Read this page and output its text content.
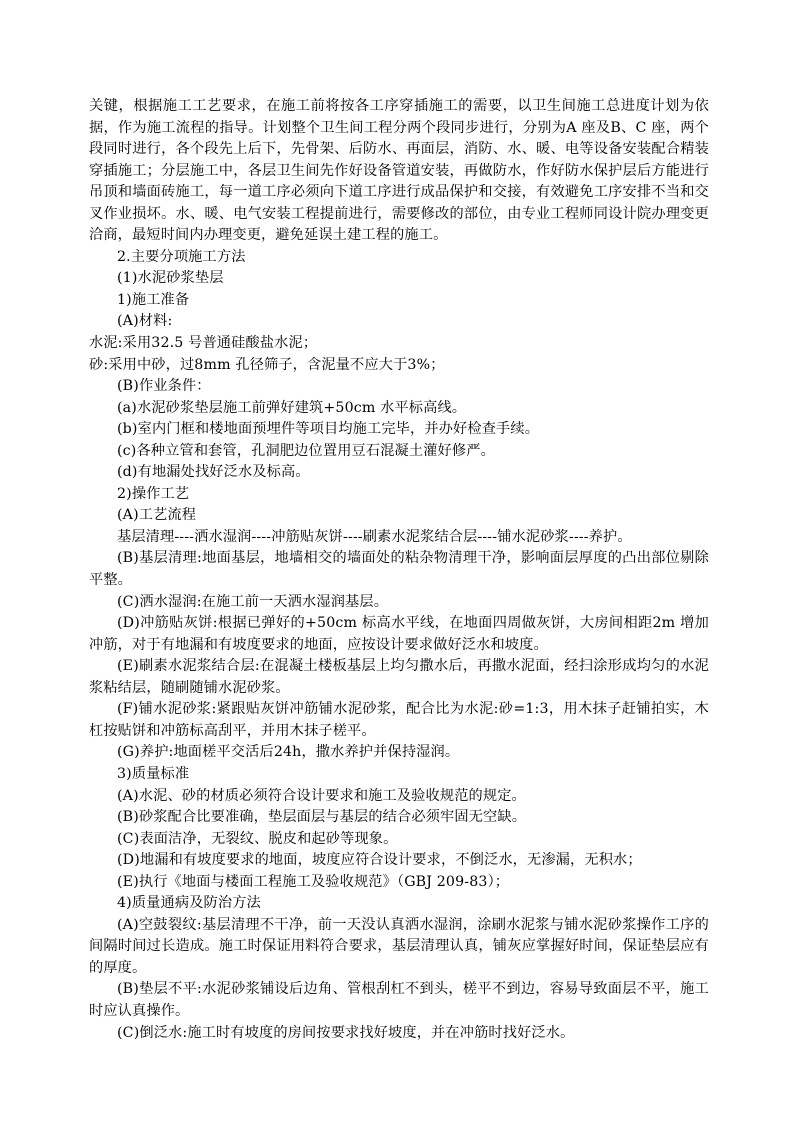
关键，根据施工工艺要求，在施工前将按各工序穿插施工的需要，以卫生间施工总进度计划为依据，作为施工流程的指导。计划整个卫生间工程分两个段同步进行，分别为A 座及B、C 座，两个段同时进行，各个段先上后下，先骨架、后防水、再面层，消防、水、暖、电等设备安装配合精装穿插施工；分层施工中，各层卫生间先作好设备管道安装，再做防水，作好防水保护层后方能进行吊顶和墙面砖施工，每一道工序必须向下道工序进行成品保护和交接，有效避免工序安排不当和交叉作业损坏。水、暖、电气安装工程提前进行，需要修改的部位，由专业工程师同设计院办理变更洽商，最短时间内办理变更，避免延误土建工程的施工。

2.主要分项施工方法

(1)水泥砂浆垫层

1)施工准备

(A)材料:

水泥:采用32.5 号普通硅酸盐水泥；

砂:采用中砂，过8mm 孔径筛子，含泥量不应大于3%；

(B)作业条件：

(a)水泥砂浆垫层施工前弹好建筑+50cm 水平标高线。

(b)室内门框和楼地面预埋件等项目均施工完毕，并办好检查手续。

(c)各种立管和套管，孔洞肥边位置用豆石混凝土灌好修严。

(d)有地漏处找好泛水及标高。

2)操作工艺

(A)工艺流程

基层清理----洒水湿润----冲筋贴灰饼----刷素水泥浆结合层----铺水泥砂浆----养护。

(B)基层清理:地面基层，地墙相交的墙面处的粘杂物清理干净，影响面层厚度的凸出部位剔除平整。

(C)洒水湿润:在施工前一天洒水湿润基层。

(D)冲筋贴灰饼:根据已弹好的+50cm 标高水平线，在地面四周做灰饼，大房间相距2m 增加冲筋，对于有地漏和有坡度要求的地面，应按设计要求做好泛水和坡度。

(E)刷素水泥浆结合层:在混凝土楼板基层上均匀撒水后，再撒水泥面，经扫涂形成均匀的水泥浆粘结层，随刷随铺水泥砂浆。

(F)铺水泥砂浆:紧跟贴灰饼冲筋铺水泥砂浆，配合比为水泥:砂=1:3，用木抹子赶铺拍实，木杠按贴饼和冲筋标高刮平，并用木抹子槎平。

(G)养护:地面槎平交活后24h，撒水养护并保持湿润。

3)质量标准

(A)水泥、砂的材质必须符合设计要求和施工及验收规范的规定。

(B)砂浆配合比要准确，垫层面层与基层的结合必须牢固无空缺。

(C)表面洁净，无裂纹、脱皮和起砂等现象。

(D)地漏和有坡度要求的地面，坡度应符合设计要求，不倒泛水，无渗漏，无积水；

(E)执行《地面与楼面工程施工及验收规范》（GBJ 209-83）；

4)质量通病及防治方法

(A)空鼓裂纹:基层清理不干净，前一天没认真洒水湿润，涂刷水泥浆与铺水泥砂浆操作工序的间隔时间过长造成。施工时保证用料符合要求，基层清理认真，铺灰应掌握好时间，保证垫层应有的厚度。

(B)垫层不平:水泥砂浆铺设后边角、管根刮杠不到头，槎平不到边，容易导致面层不平，施工时应认真操作。

(C)倒泛水:施工时有坡度的房间按要求找好坡度，并在冲筋时找好泛水。
